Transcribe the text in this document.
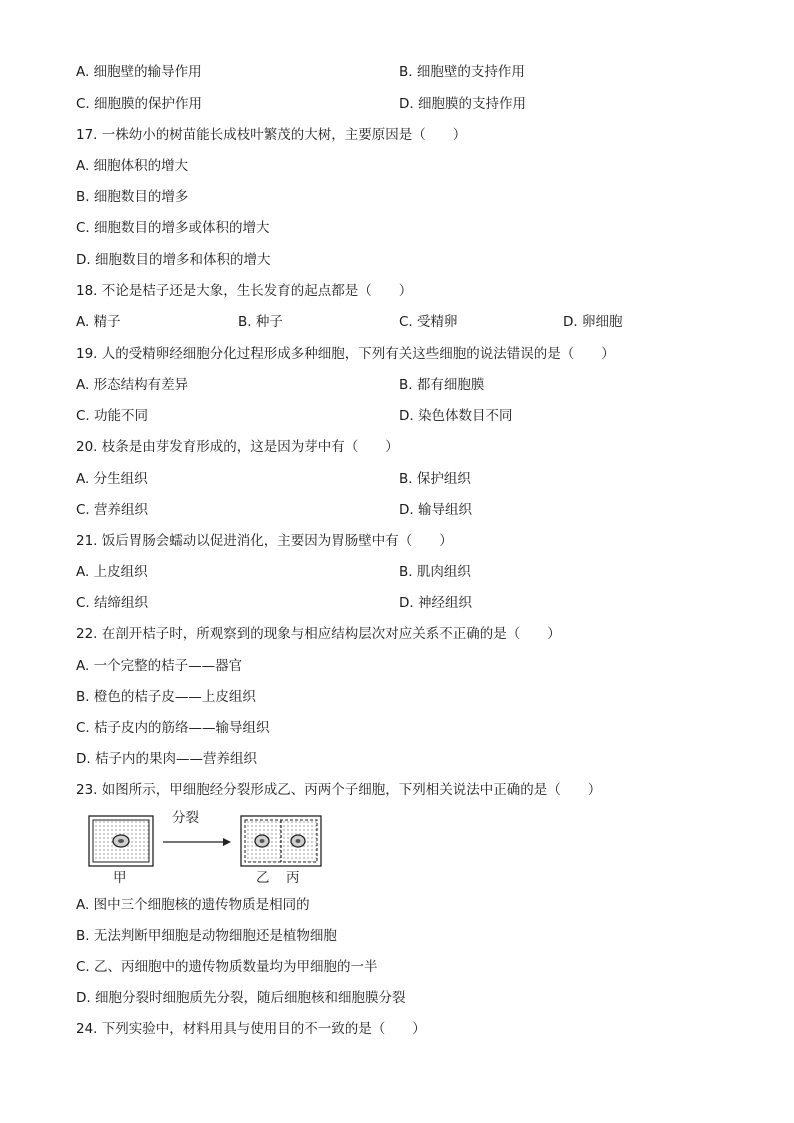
A. 细胞壁的输导作用	B. 细胞壁的支持作用
C. 细胞膜的保护作用	D. 细胞膜的支持作用
17. 一株幼小的树苗能长成枝叶繁茂的大树，主要原因是（　　）
A. 细胞体积的增大
B. 细胞数目的增多
C. 细胞数目的增多或体积的增大
D. 细胞数目的增多和体积的增大
18. 不论是桔子还是大象，生长发育的起点都是（　　）
A. 精子	B. 种子	C. 受精卵	D. 卵细胞
19. 人的受精卵经细胞分化过程形成多种细胞，下列有关这些细胞的说法错误的是（　　）
A. 形态结构有差异	B. 都有细胞膜
C. 功能不同	D. 染色体数目不同
20. 枝条是由芽发育形成的，这是因为芽中有（　　）
A. 分生组织	B. 保护组织
C. 营养组织	D. 输导组织
21. 饭后胃肠会蠕动以促进消化，主要因为胃肠壁中有（　　）
A. 上皮组织	B. 肌肉组织
C. 结缔组织	D. 神经组织
22. 在剖开桔子时，所观察到的现象与相应结构层次对应关系不正确的是（　　）
A. 一个完整的桔子——器官
B. 橙色的桔子皮——上皮组织
C. 桔子皮内的筋络——输导组织
D. 桔子内的果肉——营养组织
23. 如图所示，甲细胞经分裂形成乙、丙两个子细胞，下列相关说法中正确的是（　　）
分裂
甲	乙 丙
A. 图中三个细胞核的遗传物质是相同的
B. 无法判断甲细胞是动物细胞还是植物细胞
C. 乙、丙细胞中的遗传物质数量均为甲细胞的一半
D. 细胞分裂时细胞质先分裂，随后细胞核和细胞膜分裂
24. 下列实验中，材料用具与使用目的不一致的是（　　）
